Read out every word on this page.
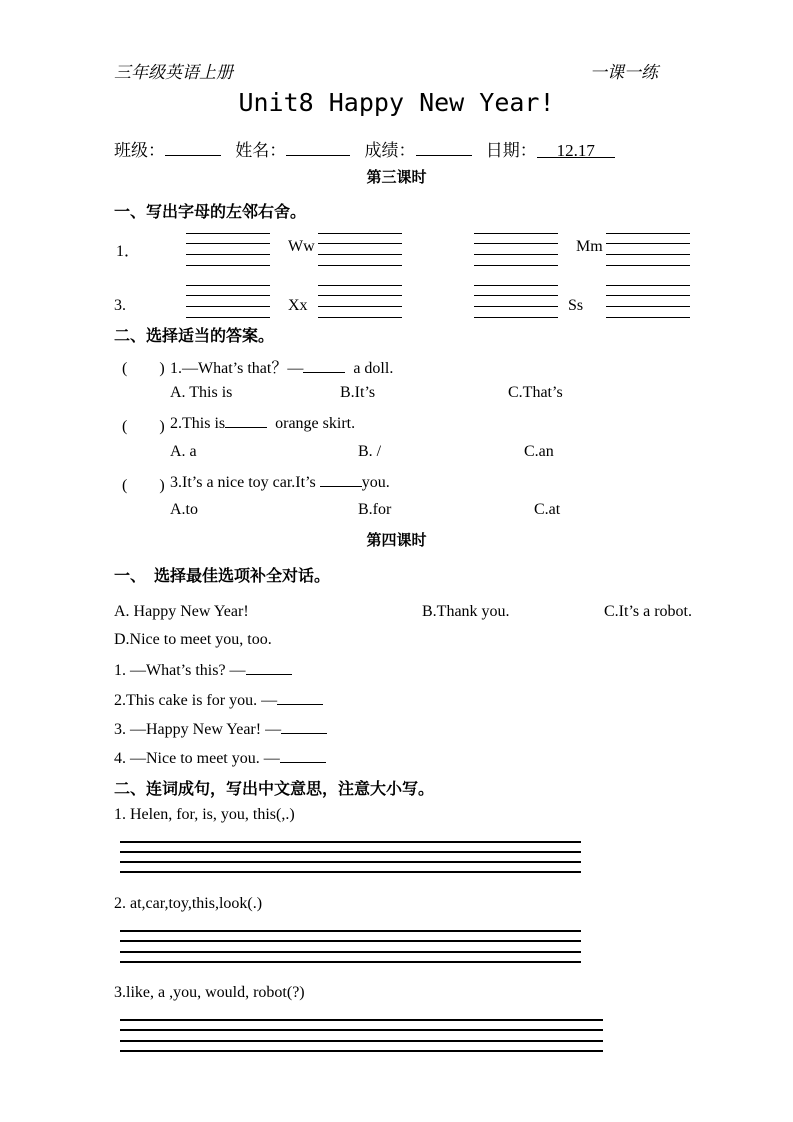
三年级英语上册	一课一练
Unit8 Happy New Year!
班级：	姓名：	成绩：	日期： 12.17
第三课时
一、写出字母的左邻右舍。
1．	Ww	Mm
3.	Xx	Ss
二、选择适当的答案。
(　　) 1.—What’s that？—	a doll.
A. This is	B.It’s	C.That’s
(　　) 2.This is	orange skirt.
A. a	B. /	C.an
(　　) 3.It’s a nice toy car.It’s	you.
A.to	B.for	C.at
第四课时
一、　选择最佳选项补全对话。
A. Happy New Year!	B.Thank you.	C.It’s a robot.
D.Nice to meet you, too.
1. —What’s this? —
2.This cake is for you. —
3. —Happy New Year! —
4. —Nice to meet you. —
二、连词成句，写出中文意思，注意大小写。
1. Helen, for, is, you, this(,.)
2. at,car,toy,this,look(.)
3.like, a ,you, would, robot(?)
